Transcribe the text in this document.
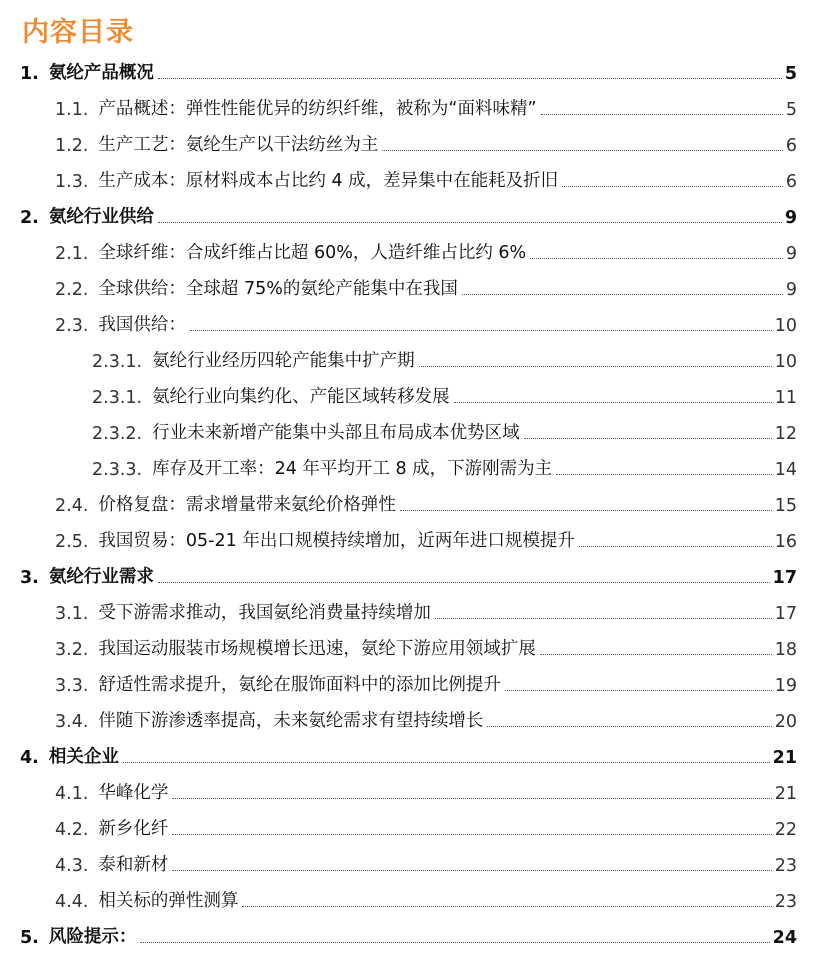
内容目录
1. 氨纶产品概况	5
1.1. 产品概述：弹性性能优异的纺织纤维，被称为“面料味精”	5
1.2. 生产工艺：氨纶生产以干法纺丝为主	6
1.3. 生产成本：原材料成本占比约 4 成，差异集中在能耗及折旧	6
2. 氨纶行业供给	9
2.1. 全球纤维：合成纤维占比超 60%，人造纤维占比约 6%	9
2.2. 全球供给：全球超 75%的氨纶产能集中在我国	9
2.3. 我国供给：	10
2.3.1. 氨纶行业经历四轮产能集中扩产期	10
2.3.1. 氨纶行业向集约化、产能区域转移发展	11
2.3.2. 行业未来新增产能集中头部且布局成本优势区域	12
2.3.3. 库存及开工率：24 年平均开工 8 成，下游刚需为主	14
2.4. 价格复盘：需求增量带来氨纶价格弹性	15
2.5. 我国贸易：05-21 年出口规模持续增加，近两年进口规模提升	16
3. 氨纶行业需求	17
3.1. 受下游需求推动，我国氨纶消费量持续增加	17
3.2. 我国运动服装市场规模增长迅速，氨纶下游应用领域扩展	18
3.3. 舒适性需求提升，氨纶在服饰面料中的添加比例提升	19
3.4. 伴随下游渗透率提高，未来氨纶需求有望持续增长	20
4. 相关企业	21
4.1. 华峰化学	21
4.2. 新乡化纤	22
4.3. 泰和新材	23
4.4. 相关标的弹性测算	23
5. 风险提示：	24
